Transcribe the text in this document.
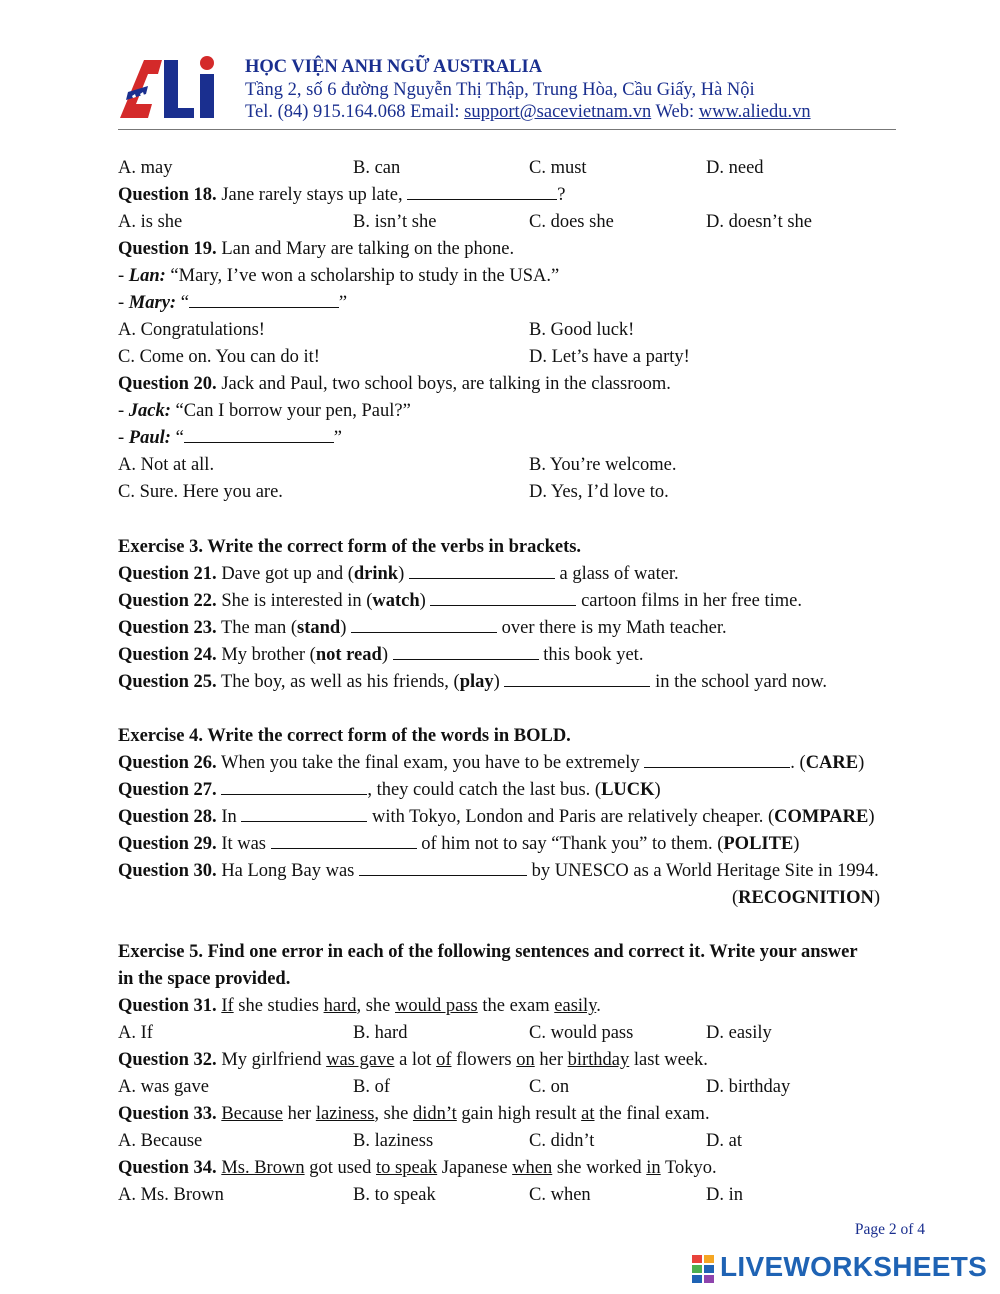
HỌC VIỆN ANH NGỮ AUSTRALIA
Tầng 2, số 6 đường Nguyễn Thị Thập, Trung Hòa, Cầu Giấy, Hà Nội
Tel. (84) 915.164.068 Email: support@sacevietnam.vn Web: www.aliedu.vn
A. may	B. can	C. must	D. need
Question 18. Jane rarely stays up late,	?
A. is she	B. isn’t she	C. does she	D. doesn’t she
Question 19. Lan and Mary are talking on the phone.
- Lan: “Mary, I’ve won a scholarship to study in the USA.”
- Mary: “	”
A. Congratulations!	B. Good luck!
C. Come on. You can do it!	D. Let’s have a party!
Question 20. Jack and Paul, two school boys, are talking in the classroom.
- Jack: “Can I borrow your pen, Paul?”
- Paul: “	”
A. Not at all.	B. You’re welcome.
C. Sure. Here you are.	D. Yes, I’d love to.
Exercise 3. Write the correct form of the verbs in brackets.
Question 21. Dave got up and (drink)	a glass of water.
Question 22. She is interested in (watch)	cartoon films in her free time.
Question 23. The man (stand)	over there is my Math teacher.
Question 24. My brother (not read)	this book yet.
Question 25. The boy, as well as his friends, (play)	in the school yard now.
Exercise 4. Write the correct form of the words in BOLD.
Question 26. When you take the final exam, you have to be extremely	. (CARE)
Question 27.	, they could catch the last bus. (LUCK)
Question 28. In	with Tokyo, London and Paris are relatively cheaper. (COMPARE)
Question 29. It was	of him not to say “Thank you” to them. (POLITE)
Question 30. Ha Long Bay was	by UNESCO as a World Heritage Site in 1994.
(RECOGNITION)
Exercise 5. Find one error in each of the following sentences and correct it. Write your answer
in the space provided.
Question 31. If she studies hard, she would pass the exam easily.
A. If	B. hard	C. would pass	D. easily
Question 32. My girlfriend was gave a lot of flowers on her birthday last week.
A. was gave	B. of	C. on	D. birthday
Question 33. Because her laziness, she didn’t gain high result at the final exam.
A. Because	B. laziness	C. didn’t	D. at
Question 34. Ms. Brown got used to speak Japanese when she worked in Tokyo.
A. Ms. Brown	B. to speak	C. when	D. in
Page 2 of 4
LIVEWORKSHEETS
